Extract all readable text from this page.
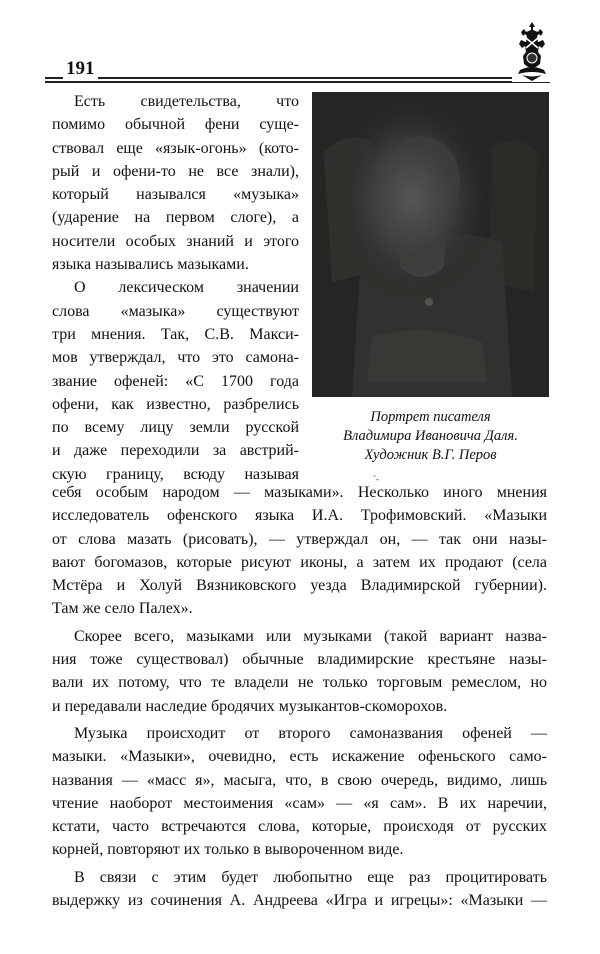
191
Портрет писателя
Владимира Ивановича Даля.
Художник В.Г. Перов

Есть свидетельства, что

помимо обычной фени суще-
ствовал еще «язык-огонь» (кото-
рый и офени-то не все знали),
который назывался «музыка»
(ударение на первом слоге), а
носители особых знаний и этого
языка назывались мазыками.

О лексическом значении

слова «мазыка» существуют
три мнения. Так, С.В. Макси-
мов утверждал, что это самона-
звание офеней: «С 1700 года
офени, как известно, разбрелись
по всему лицу земли русской
и даже переходили за австрий-
скую границу, всюду называя	˘-

себя особым народом — мазыками». Несколько иного мнения
исследователь офенского языка И.А. Трофимовский. «Мазыки
от слова мазать (рисовать), — утверждал он, — так они назы-
вают богомазов, которые рисуют иконы, а затем их продают (села
Мстёра и Холуй Вязниковского уезда Владимирской губернии).
Там же село Палех».

Скорее всего, мазыками или музыками (такой вариант назва-

ния тоже существовал) обычные владимирские крестьяне назы-
вали их потому, что те владели не только торговым ремеслом, но
и передавали наследие бродячих музыкантов-скоморохов.

Музыка происходит от второго самоназвания офеней —

мазыки. «Мазыки», очевидно, есть искажение офеньского само-
названия — «масс я», масыга, что, в свою очередь, видимо, лишь
чтение наоборот местоимения «сам» — «я сам». В их наречии,
кстати, часто встречаются слова, которые, происходя от русских
корней, повторяют их только в вывороченном виде.

В связи с этим будет любопытно еще раз процитировать

выдержку из сочинения А. Андреева «Игра и игрецы»: «Мазыки —
